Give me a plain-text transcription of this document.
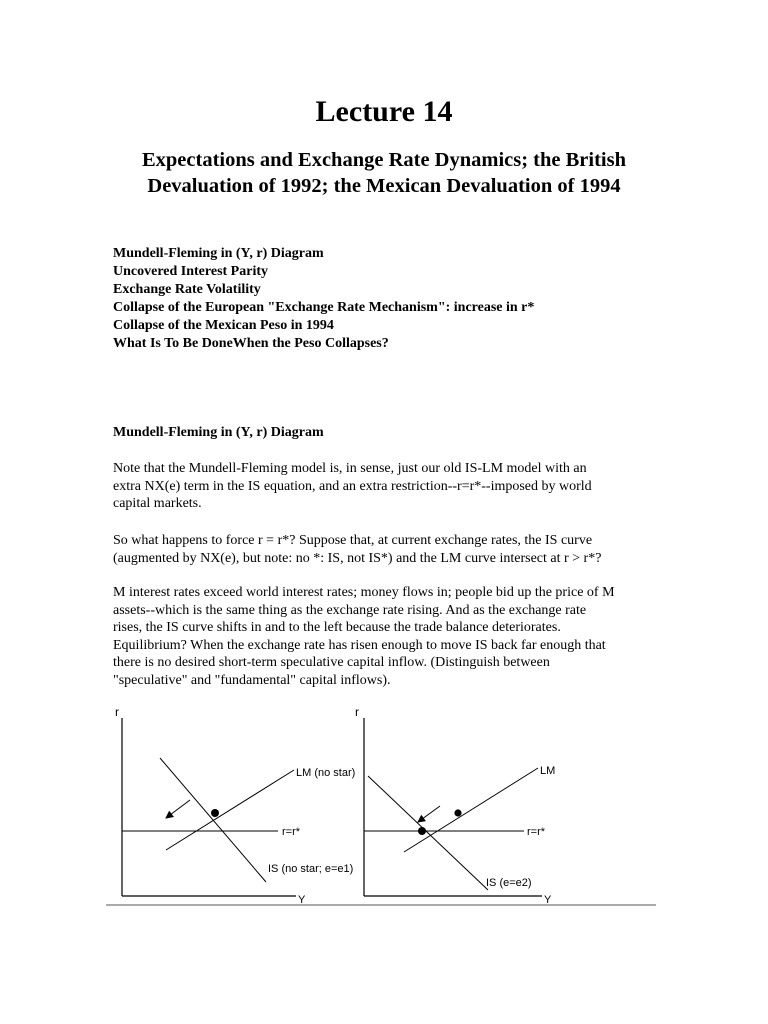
Lecture 14
Expectations and Exchange Rate Dynamics; the British
Devaluation of 1992; the Mexican Devaluation of 1994
Mundell-Fleming in (Y, r) Diagram
Uncovered Interest Parity
Exchange Rate Volatility
Collapse of the European "Exchange Rate Mechanism": increase in r*
Collapse of the Mexican Peso in 1994
What Is To Be DoneWhen the Peso Collapses?
Mundell-Fleming in (Y, r) Diagram
Note that the Mundell-Fleming model is, in sense, just our old IS-LM model with an
extra NX(e) term in the IS equation, and an extra restriction--r=r*--imposed by world
capital markets.
So what happens to force r = r*? Suppose that, at current exchange rates, the IS curve
(augmented by NX(e), but note: no *: IS, not IS*) and the LM curve intersect at r > r*?
M interest rates exceed world interest rates; money flows in; people bid up the price of M
assets--which is the same thing as the exchange rate rising. And as the exchange rate
rises, the IS curve shifts in and to the left because the trade balance deteriorates.
Equilibrium? When the exchange rate has risen enough to move IS back far enough that
there is no desired short-term speculative capital inflow. (Distinguish between
"speculative" and "fundamental" capital inflows).
r
Y
r=r*
IS (no star; e=e1)
LM (no star)
r
Y
r=r*
IS (e=e2)
LM
